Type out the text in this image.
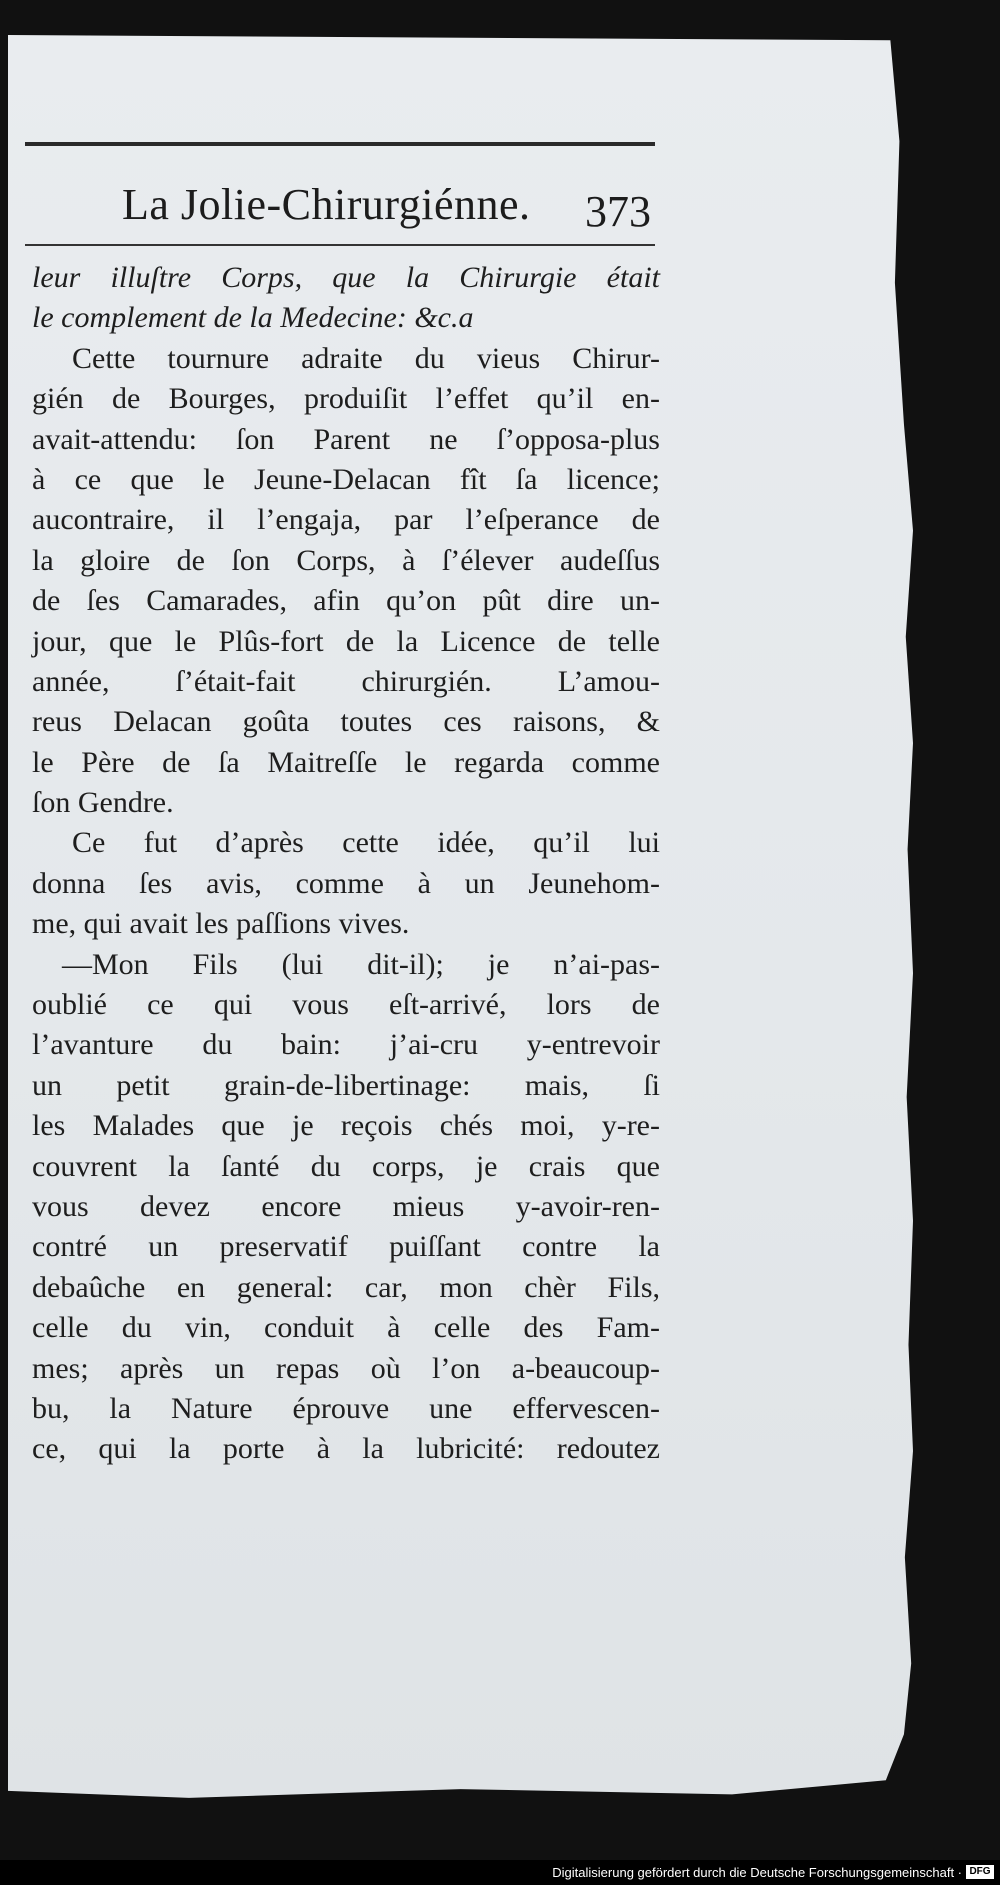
La Jolie-Chirurgiénne. 373
leur illuſtre Corps, que la Chirurgie était
le complement de la Medecine: &c.a
Cette tournure adraite du vieus Chirur-
gién de Bourges, produiſit l’effet qu’il en-
avait-attendu: ſon Parent ne ſ’opposa-plus
à ce que le Jeune-Delacan fît ſa licence;
aucontraire, il l’engaja, par l’eſperance de
la gloire de ſon Corps, à ſ’élever audeſſus
de ſes Camarades, afin qu’on pût dire un-
jour, que le Plûs-fort de la Licence de telle
année, ſ’était-fait chirurgién. L’amou-
reus Delacan goûta toutes ces raisons, &
le Père de ſa Maitreſſe le regarda comme
ſon Gendre.
Ce fut d’après cette idée, qu’il lui
donna ſes avis, comme à un Jeunehom-
me, qui avait les paſſions vives.
—Mon Fils (lui dit-il); je n’ai-pas-
oublié ce qui vous eſt-arrivé, lors de
l’avanture du bain: j’ai-cru y-entrevoir
un petit grain-de-libertinage: mais, ſi
les Malades que je reçois chés moi, y-re-
couvrent la ſanté du corps, je crais que
vous devez encore mieus y-avoir-ren-
contré un preservatif puiſſant contre la
debaûche en general: car, mon chèr Fils,
celle du vin, conduit à celle des Fam-
mes; après un repas où l’on a-beaucoup-
bu, la Nature éprouve une effervescen-
ce, qui la porte à la lubricité: redoutez
Digitalisierung gefördert durch die Deutsche Forschungsgemeinschaft · DFG
